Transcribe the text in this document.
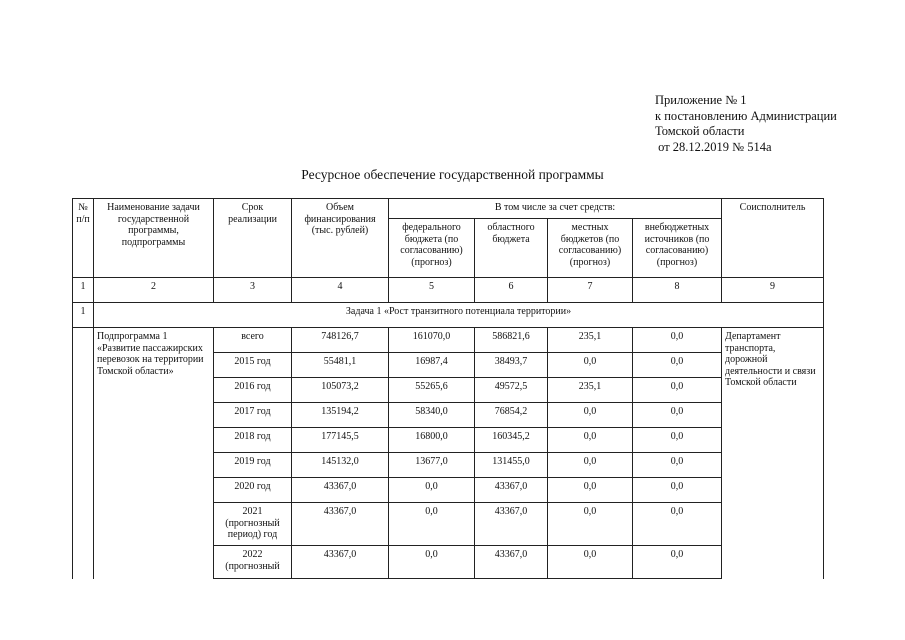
Приложение № 1
к постановлению Администрации
Томской области
от 28.12.2019 № 514а
Ресурсное обеспечение государственной программы
№ п/п	Наименование задачи государственной программы, подпрограммы	Срок реализации	Объем финансирования (тыс. рублей)	В том числе за счет средств:				Соисполнитель
				федерального бюджета (по согласованию) (прогноз)	областного бюджета	местных бюджетов (по согласованию) (прогноз)	внебюджетных источников (по согласованию) (прогноз)	
1	2	3	4	5	6	7	8	9
1	Задача 1 «Рост транзитного потенциала территории»							
	Подпрограмма 1 «Развитие пассажирских перевозок на территории Томской области»	всего	748126,7	161070,0	586821,6	235,1	0,0	Департамент транспорта, дорожной деятельности и связи Томской области
		2015 год	55481,1	16987,4	38493,7	0,0	0,0	
		2016 год	105073,2	55265,6	49572,5	235,1	0,0	
		2017 год	135194,2	58340,0	76854,2	0,0	0,0	
		2018 год	177145,5	16800,0	160345,2	0,0	0,0	
		2019 год	145132,0	13677,0	131455,0	0,0	0,0	
		2020 год	43367,0	0,0	43367,0	0,0	0,0	
		2021 (прогнозный период) год	43367,0	0,0	43367,0	0,0	0,0	
		2022 (прогнозный	43367,0	0,0	43367,0	0,0	0,0	
